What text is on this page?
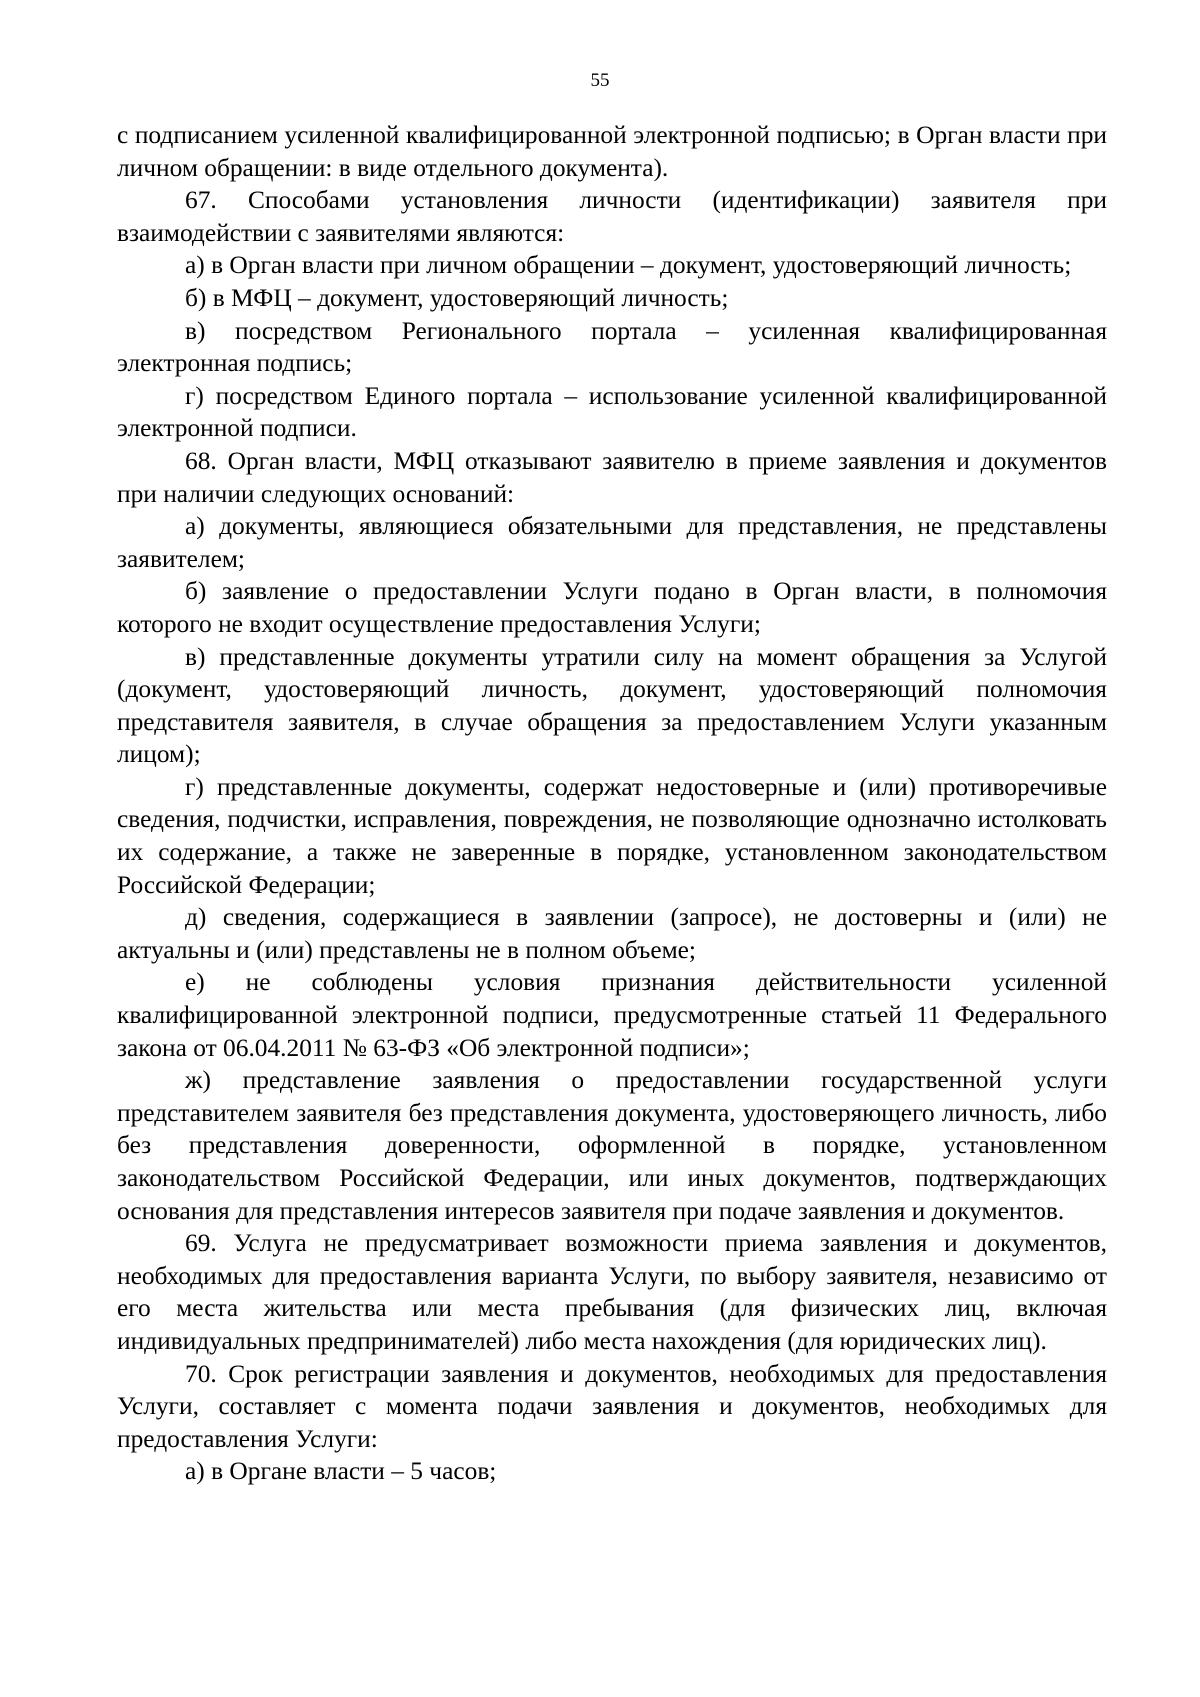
55

с подписанием усиленной квалифицированной электронной подписью; в Орган власти при личном обращении: в виде отдельного документа).

67. Способами установления личности (идентификации) заявителя при взаимодействии с заявителями являются:

а) в Орган власти при личном обращении – документ, удостоверяющий личность;

б) в МФЦ – документ, удостоверяющий личность;

в) посредством Регионального портала – усиленная квалифицированная электронная подпись;

г) посредством Единого портала – использование усиленной квалифицированной электронной подписи.

68. Орган власти, МФЦ отказывают заявителю в приеме заявления и документов при наличии следующих оснований:

а) документы, являющиеся обязательными для представления, не представлены заявителем;

б) заявление о предоставлении Услуги подано в Орган власти, в полномочия которого не входит осуществление предоставления Услуги;

в) представленные документы утратили силу на момент обращения за Услугой (документ, удостоверяющий личность, документ, удостоверяющий полномочия представителя заявителя, в случае обращения за предоставлением Услуги указанным лицом);

г) представленные документы, содержат недостоверные и (или) противоречивые сведения, подчистки, исправления, повреждения, не позволяющие однозначно истолковать их содержание, а также не заверенные в порядке, установленном законодательством Российской Федерации;

д) сведения, содержащиеся в заявлении (запросе), не достоверны и (или) не актуальны и (или) представлены не в полном объеме;

е) не соблюдены условия признания действительности усиленной квалифицированной электронной подписи, предусмотренные статьей 11 Федерального закона от 06.04.2011 № 63-ФЗ «Об электронной подписи»;

ж) представление заявления о предоставлении государственной услуги представителем заявителя без представления документа, удостоверяющего личность, либо без представления доверенности, оформленной в порядке, установленном законодательством Российской Федерации, или иных документов, подтверждающих основания для представления интересов заявителя при подаче заявления и документов.

69. Услуга не предусматривает возможности приема заявления и документов, необходимых для предоставления варианта Услуги, по выбору заявителя, независимо от его места жительства или места пребывания (для физических лиц, включая индивидуальных предпринимателей) либо места нахождения (для юридических лиц).

70. Срок регистрации заявления и документов, необходимых для предоставления Услуги, составляет с момента подачи заявления и документов, необходимых для предоставления Услуги:

а) в Органе власти – 5 часов;
